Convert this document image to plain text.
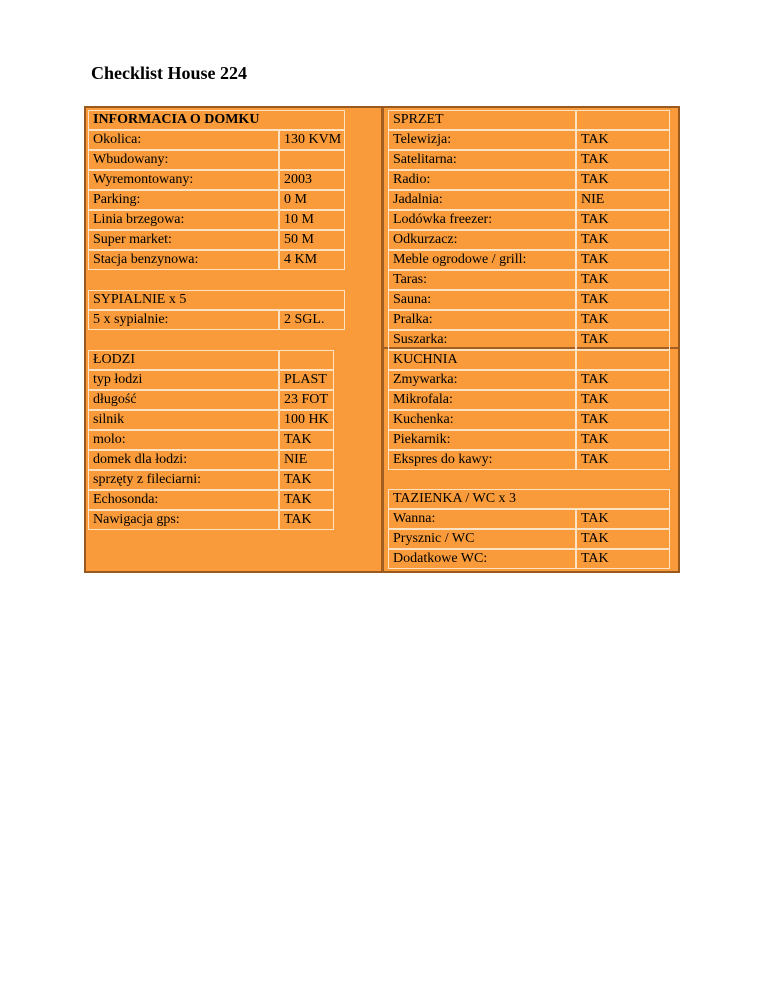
Checklist House 224
INFORMACIA O DOMKU
Okolica:	130 KVM
Wbudowany:
Wyremontowany:	2003
Parking:	0 M
Linia brzegowa:	10 M
Super market:	50 M
Stacja benzynowa:	4 KM
SYPIALNIE x 5
5 x sypialnie:	2 SGL.
ŁODZI
typ łodzi	PLAST
długość	23 FOT
silnik	100 HK
molo:	TAK
domek dla łodzi:	NIE
sprzęty z fileciarni:	TAK
Echosonda:	TAK
Nawigacja gps:	TAK
SPRZET
Telewizja:	TAK
Satelitarna:	TAK
Radio:	TAK
Jadalnia:	NIE
Lodówka freezer:	TAK
Odkurzacz:	TAK
Meble ogrodowe / grill:	TAK
Taras:	TAK
Sauna:	TAK
Pralka:	TAK
Suszarka:	TAK
KUCHNIA
Zmywarka:	TAK
Mikrofala:	TAK
Kuchenka:	TAK
Piekarnik:	TAK
Ekspres do kawy:	TAK
TAZIENKA / WC x 3
Wanna:	TAK
Prysznic / WC	TAK
Dodatkowe WC:	TAK
